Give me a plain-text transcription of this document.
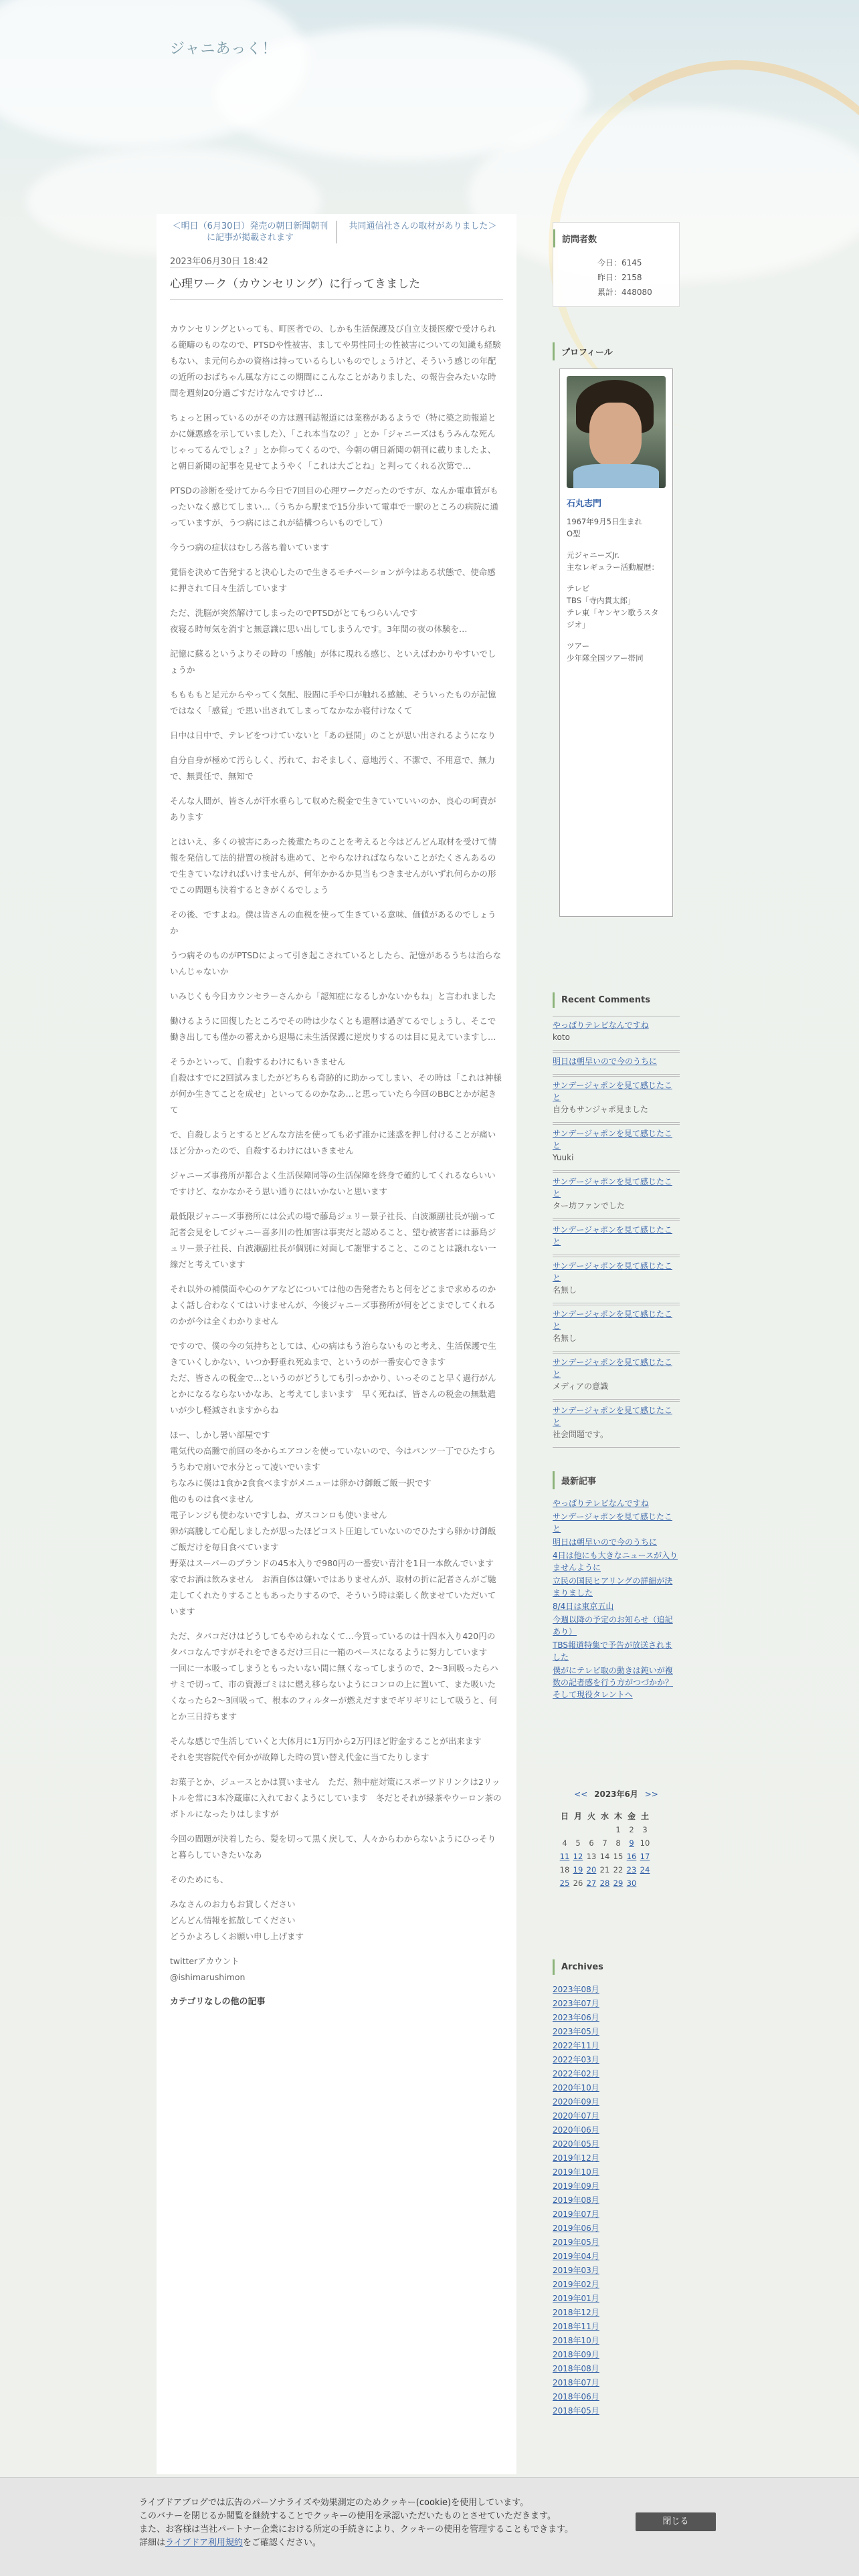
ジャニあっく！
＜明日（6月30日）発売の朝日新聞朝刊に記事が掲載されます
共同通信社さんの取材がありました＞
2023年06月30日 18:42
心理ワーク（カウンセリング）に行ってきました

カウンセリングといっても、町医者での、しかも生活保護及び自立支援医療で受けられる範疇のものなので、PTSDや性被害、ましてや男性同士の性被害についての知識も経験もない、ま元何らかの資格は持っているらしいものでしょうけど、そういう感じの年配の近所のおばちゃん風な方にこの期間にこんなことがありました、の報告会みたいな時間を週刻20分過ごすだけなんですけど…

ちょっと困っているのがその方は週刊誌報道には業務があるようで（特に築之助報道とかに嫌悪感を示していました）、「これ本当なの？」とか「ジャニーズはもうみんな死んじゃってるんでしょ？」とか仰ってくるので、今朝の朝日新聞の朝刊に載りましたよ、と朝日新聞の記事を見せてようやく「これは大ごとね」と判ってくれる次第で…

PTSDの診断を受けてから今日で7回目の心理ワークだったのですが、なんか電車賃がもったいなく感じてしまい…（うちから駅まで15分歩いて電車で一駅のところの病院に通っていますが、うつ病にはこれが結構つらいものでして）

今うつ病の症状はむしろ落ち着いています

覚悟を決めて告発すると決心したので生きるモチベーションが今はある状態で、使命感に押されて日々生活しています

ただ、洗脳が突然解けてしまったのでPTSDがとてもつらいんです
夜寝る時毎気を消すと無意識に思い出してしまうんです。3年間の夜の体験を…

記憶に蘇るというよりその時の「感触」が体に現れる感じ、といえばわかりやすいでしょうか

ももももと足元からやってく気配、股間に手や口が触れる感触、そういったものが記憶ではなく「感覚」で思い出されてしまってなかなか寝付けなくて

日中は日中で、テレビをつけていないと「あの昼間」のことが思い出されるようになり

自分自身が極めて汚らしく、汚れて、おそましく、意地汚く、不潔で、不用意で、無力で、無責任で、無知で

そんな人間が、皆さんが汗水垂らして収めた税金で生きていていいのか、良心の呵責があります

とはいえ、多くの被害にあった後輩たちのことを考えると今はどんどん取材を受けて情報を発信して法的措置の検討も進めて、とやらなければならないことがたくさんあるので生きていなければいけませんが、何年かかるか見当もつきませんがいずれ何らかの形でこの問題も決着するときがくるでしょう

その後、ですよね。僕は皆さんの血税を使って生きている意味、価値があるのでしょうか

うつ病そのものがPTSDによって引き起こされているとしたら、記憶があるうちは治らないんじゃないか

いみじくも今日カウンセラーさんから「認知症になるしかないかもね」と言われました

働けるように回復したところでその時は少なくとも還暦は過ぎてるでしょうし、そこで働き出しても僅かの蓄えから退場に未生活保護に逆戻りするのは目に見えていますし…

そうかといって、自殺するわけにもいきません
自殺はすでに2回試みましたがどちらも奇跡的に助かってしまい、その時は「これは神様が何か生きてことを成せ」といってるのかなあ…と思っていたら今回のBBCとかが起きて

で、自殺しようとするとどんな方法を使っても必ず誰かに迷惑を押し付けることが痛いほど分かったので、自殺するわけにはいきません

ジャニーズ事務所が都合よく生活保障同等の生活保障を終身で確約してくれるならいいですけど、なかなかそう思い通りにはいかないと思います

最低限ジャニーズ事務所には公式の場で藤島ジュリー景子社長、白波瀬副社長が揃って記者会見をしてジャニー喜多川の性加害は事実だと認めること、望む被害者には藤島ジュリー景子社長、白波瀬副社長が個別に対面して謝罪すること、このことは譲れない一線だと考えています

それ以外の補償面や心のケアなどについては他の告発者たちと何をどこまで求めるのかよく話し合わなくてはいけませんが、今後ジャニーズ事務所が何をどこまでしてくれるのかが今は全くわかりません

ですので、僕の今の気持ちとしては、心の病はもう治らないものと考え、生活保護で生きていくしかない、いつか野垂れ死ぬまで、というのが一番安心できます
ただ、皆さんの税金で…というのがどうしても引っかかり、いっそのこと早く過行がんとかになるならないかなあ、と考えてしまいます　早く死ねば、皆さんの税金の無駄遣いが少し軽減されますからね

ほー、しかし暑い部屋です
電気代の高騰で前回の冬からエアコンを使っていないので、今はパンツ一丁でひたすらうちわで扇いで水分とって凌いでいます
ちなみに僕は1食か2食食べますがメニューは卵かけ御飯ご飯一択です
他のものは食べません
電子レンジも使わないですしね、ガスコンロも使いません
卵が高騰して心配しましたが思ったほどコスト圧迫していないのでひたすら卵かけ御飯ご飯だけを毎日食べています
野菜はスーパーのブランドの45本入りで980円の一番安い青汁を1日一本飲んでいます
家でお酒は飲みません　お酒自体は嫌いではありませんが、取材の折に記者さんがご馳走してくれたりすることもあったりするので、そういう時は楽しく飲ませていただいています

ただ、タバコだけはどうしてもやめられなくて…今買っているのは十四本入り420円のタバコなんですがそれをできるだけ三日に一箱のペースになるように努力しています
一回に一本吸ってしまうともったいない間に無くなってしまうので、2〜3回吸ったらハサミで切って、市の資源ゴミはに燃え移らないようにコンロの上に置いて、また吸いたくなったら2〜3回吸って、根本のフィルターが燃えだすまでギリギリにして吸うと、何とか三日持ちます

そんな感じで生活していくと大体月に1万円から2万円ほど貯金することが出来ます
それを実容院代や何かが故障した時の買い替え代金に当てたりします

お菓子とか、ジュースとかは買いません　ただ、熱中症対策にスポーツドリンクは2リットルを常に3本冷蔵庫に入れておくようにしています　冬だとそれが緑茶やウーロン茶のボトルになったりはしますが

今回の間題が決着したら、髪を切って黒く戻して、人々からわからないようにひっそりと暮らしていきたいなあ

そのためにも、

みなさんのお力もお貸しください
どんどん情報を拡散してください
どうかよろしくお願い申し上げます

twitterアカウント
@ishimarushimon

カテゴリなしの他の記事
訪問者数
今日：6145
昨日：2158
累計：448080
プロフィール
石丸志門
1967年9月5日生まれ
O型
元ジャニーズJr.
主なレギュラー活動履歴：
テレビ
TBS「寺内貫太郎」
テレ東「ヤンヤン歌うスタジオ」
ツアー
少年隊全国ツアー帯同
Recent Comments
やっぱりテレビなんですね
koto
明日は朝早いので今のうちに
サンデージャポンを見て感じたこと
自分もサンジャポ見ました
サンデージャポンを見て感じたこと
Yuuki
サンデージャポンを見て感じたこと
ター坊ファンでした
サンデージャポンを見て感じたこと
サンデージャポンを見て感じたこと
名無し
サンデージャポンを見て感じたこと
名無し
サンデージャポンを見て感じたこと
メディアの意識
サンデージャポンを見て感じたこと
社会問題です。
最新記事
やっぱりテレビなんですね
サンデージャポンを見て感じたこと
明日は朝早いので今のうちに
4日は他にも大きなニュースが入りませんように
立民の国民ヒアリングの詳細が決まりました
8/4日は東京五山
今週以降の予定のお知らせ（追記あり）
TBS報道特集で予告が放送されました
僕がにテレビ取の動きは鈍いが複数の記者感を行う方がつづかか？そして現役タレントへ
<< 2023年6月 >>
日	月	火	水	木	金	土
				1	2	3
4	5	6	7	8	9	10
11	12	13	14	15	16	17
18	19	20	21	22	23	24
25	26	27	28	29	30	
Archives
2023年08月
2023年07月
2023年06月
2023年05月
2022年11月
2022年03月
2022年02月
2020年10月
2020年09月
2020年07月
2020年06月
2020年05月
2019年12月
2019年10月
2019年09月
2019年08月
2019年07月
2019年06月
2019年05月
2019年04月
2019年03月
2019年02月
2019年01月
2018年12月
2018年11月
2018年10月
2018年09月
2018年08月
2018年07月
2018年06月
2018年05月
ライブドアブログでは広告のパーソナライズや効果測定のためクッキー(cookie)を使用しています。
このバナーを閉じるか閲覧を継続することでクッキーの使用を承認いただいたものとさせていただきます。
また、お客様は当社パートナー企業における所定の手続きにより、クッキーの使用を管理することもできます。
詳細はライブドア利用規約をご確認ください。
閉じる
